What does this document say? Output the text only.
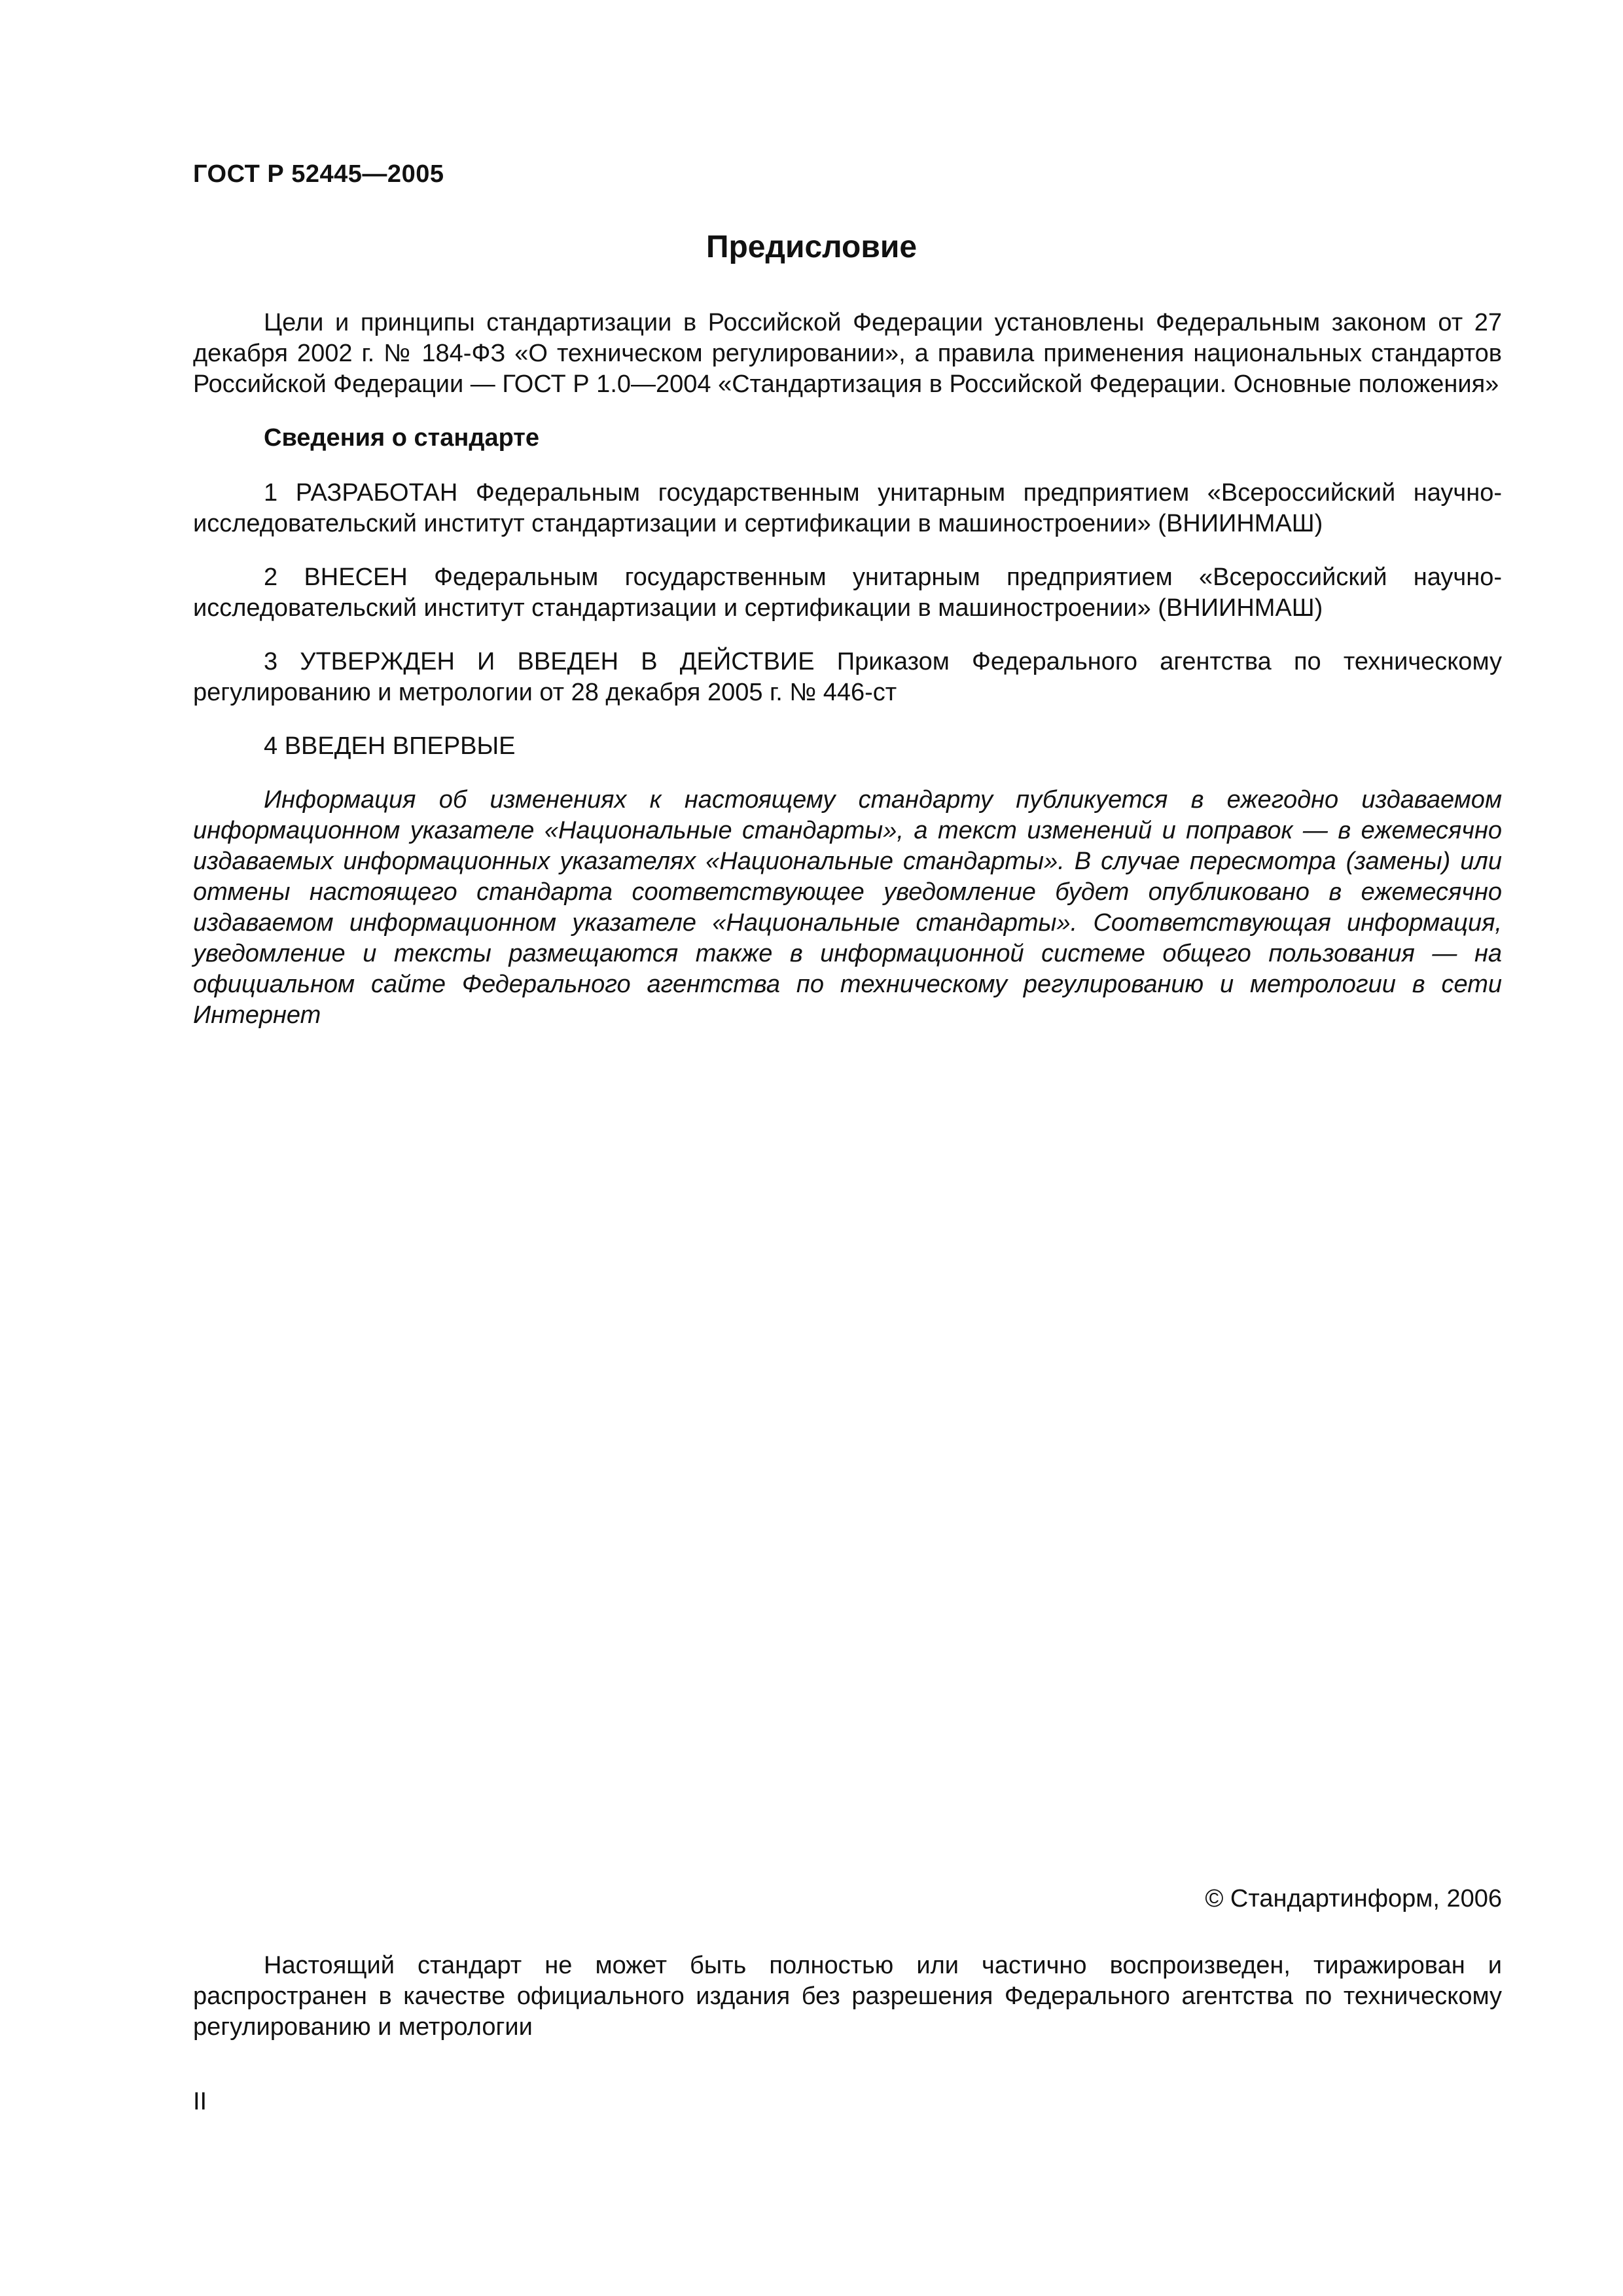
ГОСТ Р 52445—2005
Предисловие

Цели и принципы стандартизации в Российской Федерации установлены Федеральным законом от 27 декабря 2002 г. № 184-ФЗ «О техническом регулировании», а правила применения национальных стандартов Российской Федерации — ГОСТ Р 1.0—2004 «Стандартизация в Российской Федерации. Основные положения»

Сведения о стандарте

1 РАЗРАБОТАН Федеральным государственным унитарным предприятием «Всероссийский научно-исследовательский институт стандартизации и сертификации в машиностроении» (ВНИИНМАШ)

2 ВНЕСЕН Федеральным государственным унитарным предприятием «Всероссийский научно-исследовательский институт стандартизации и сертификации в машиностроении» (ВНИИНМАШ)

3 УТВЕРЖДЕН И ВВЕДЕН В ДЕЙСТВИЕ Приказом Федерального агентства по техническому регулированию и метрологии от 28 декабря 2005 г. № 446-ст

4 ВВЕДЕН ВПЕРВЫЕ

Информация об изменениях к настоящему стандарту публикуется в ежегодно издаваемом информационном указателе «Национальные стандарты», а текст изменений и поправок — в ежемесячно издаваемых информационных указателях «Национальные стандарты». В случае пересмотра (замены) или отмены настоящего стандарта соответствующее уведомление будет опубликовано в ежемесячно издаваемом информационном указателе «Национальные стандарты». Соответствующая информация, уведомление и тексты размещаются также в информационной системе общего пользования — на официальном сайте Федерального агентства по техническому регулированию и метрологии в сети Интернет

© Стандартинформ, 2006

Настоящий стандарт не может быть полностью или частично воспроизведен, тиражирован и распространен в качестве официального издания без разрешения Федерального агентства по техническому регулированию и метрологии

II
